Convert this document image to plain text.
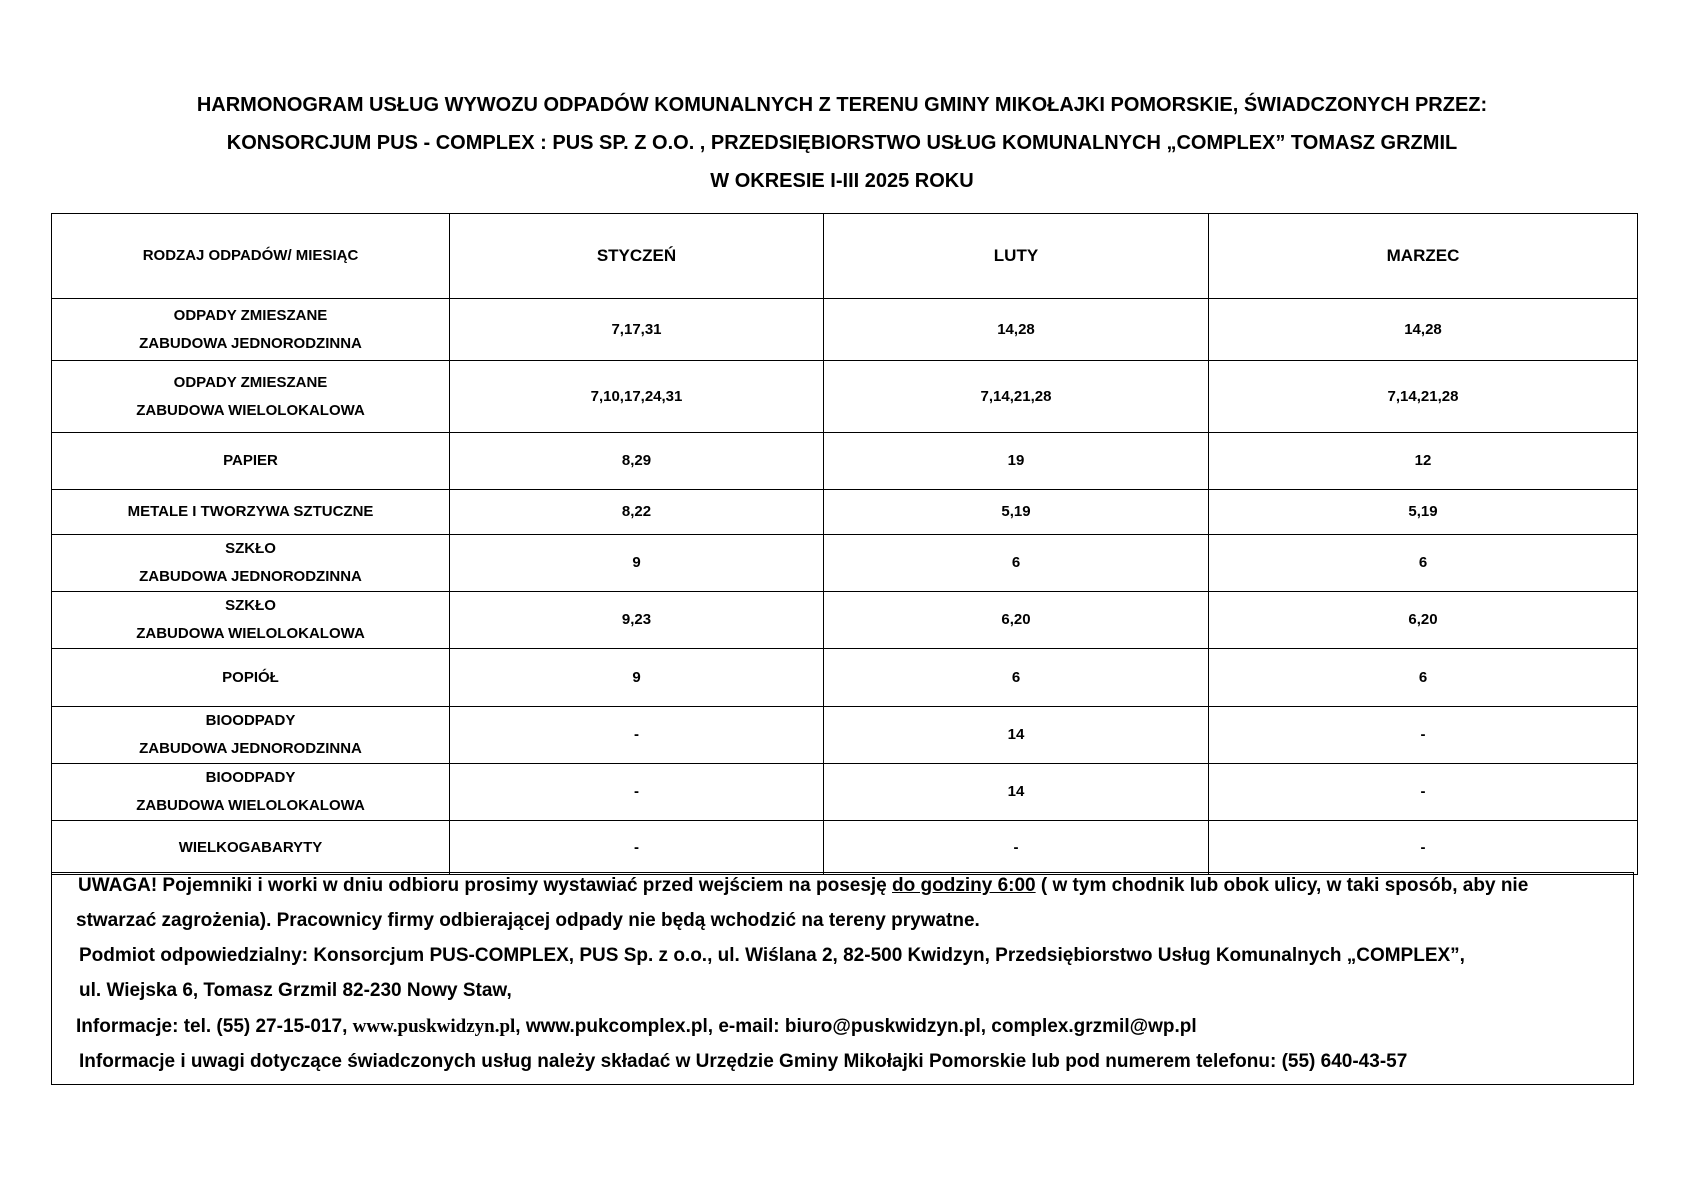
HARMONOGRAM USŁUG WYWOZU ODPADÓW KOMUNALNYCH Z TERENU GMINY MIKOŁAJKI POMORSKIE, ŚWIADCZONYCH PRZEZ:
KONSORCJUM PUS - COMPLEX : PUS SP. Z O.O. , PRZEDSIĘBIORSTWO USŁUG KOMUNALNYCH „COMPLEX” TOMASZ GRZMIL
W OKRESIE I-III 2025 ROKU
RODZAJ ODPADÓW/ MIESIĄC	STYCZEŃ	LUTY	MARZEC

ODPADY ZMIESZANE
ZABUDOWA JEDNORODZINNA	7,17,31	14,28	14,28

ODPADY ZMIESZANE
ZABUDOWA WIELOLOKALOWA	7,10,17,24,31	7,14,21,28	7,14,21,28

PAPIER	8,29	19	12

METALE I TWORZYWA SZTUCZNE	8,22	5,19	5,19

SZKŁO
ZABUDOWA JEDNORODZINNA	9	6	6

SZKŁO
ZABUDOWA WIELOLOKALOWA	9,23	6,20	6,20

POPIÓŁ	9	6	6

BIOODPADY
ZABUDOWA JEDNORODZINNA	-	14	-

BIOODPADY
ZABUDOWA WIELOLOKALOWA	-	14	-

WIELKOGABARYTY	-	-	-
UWAGA! Pojemniki i worki w dniu odbioru prosimy wystawiać przed wejściem na posesję do godziny 6:00 ( w tym chodnik lub obok ulicy, w taki sposób, aby nie
stwarzać zagrożenia). Pracownicy firmy odbierającej odpady nie będą wchodzić na tereny prywatne.
Podmiot odpowiedzialny: Konsorcjum PUS-COMPLEX, PUS Sp. z o.o., ul. Wiślana 2, 82-500 Kwidzyn, Przedsiębiorstwo Usług Komunalnych „COMPLEX”,
ul. Wiejska 6, Tomasz Grzmil 82-230 Nowy Staw,
Informacje: tel. (55) 27-15-017, www.puskwidzyn.pl, www.pukcomplex.pl, e-mail: biuro@puskwidzyn.pl, complex.grzmil@wp.pl
Informacje i uwagi dotyczące świadczonych usług należy składać w Urzędzie Gminy Mikołajki Pomorskie lub pod numerem telefonu: (55) 640-43-57
